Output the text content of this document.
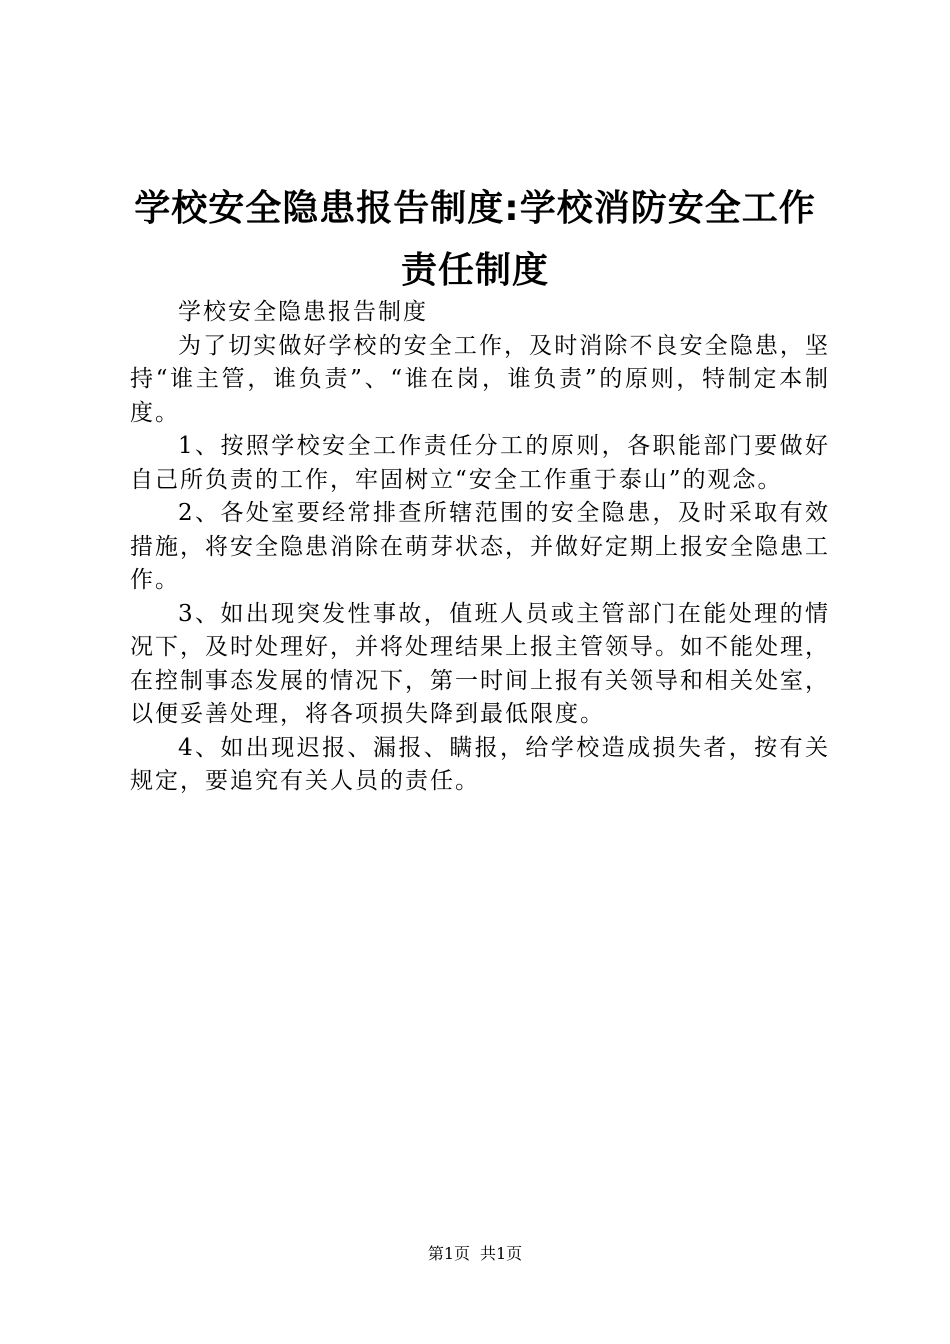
学校安全隐患报告制度:学校消防安全工作责任制度

学校安全隐患报告制度

为了切实做好学校的安全工作，及时消除不良安全隐患，坚持“谁主管，谁负责”、“谁在岗，谁负责”的原则，特制定本制度。

1、按照学校安全工作责任分工的原则，各职能部门要做好自己所负责的工作，牢固树立“安全工作重于泰山”的观念。

2、各处室要经常排查所辖范围的安全隐患，及时采取有效措施，将安全隐患消除在萌芽状态，并做好定期上报安全隐患工作。

3、如出现突发性事故，值班人员或主管部门在能处理的情况下，及时处理好，并将处理结果上报主管领导。如不能处理，在控制事态发展的情况下，第一时间上报有关领导和相关处室，以便妥善处理，将各项损失降到最低限度。

4、如出现迟报、漏报、瞒报，给学校造成损失者，按有关规定，要追究有关人员的责任。

第1页 共1页
